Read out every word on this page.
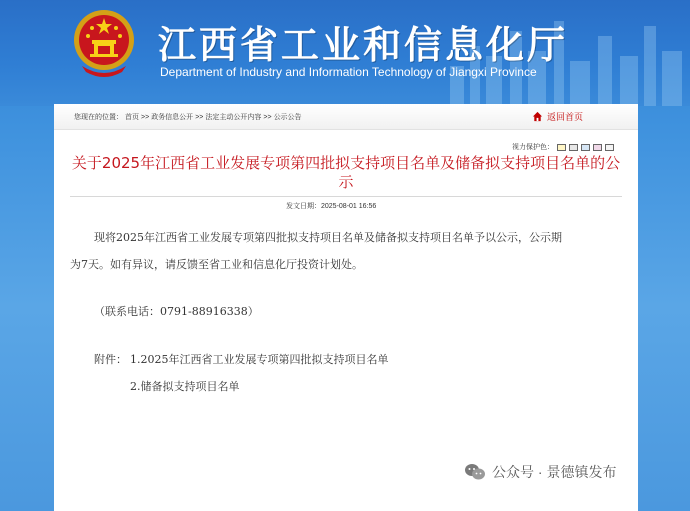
江西省工业和信息化厅
Department of Industry and Information Technology of Jiangxi Province
您现在的位置： 首页 >> 政务信息公开 >> 法定主动公开内容 >> 公示公告	返回首页
视力保护色：
关于2025年江西省工业发展专项第四批拟支持项目名单及储备拟支持项目名单的公示
发文日期：2025-08-01 16:56
现将2025年江西省工业发展专项第四批拟支持项目名单及储备拟支持项目名单予以公示，公示期
为7天。如有异议，请反馈至省工业和信息化厅投资计划处。
（联系电话：0791-88916338）
附件： 1.2025年江西省工业发展专项第四批拟支持项目名单
2.储备拟支持项目名单
公众号 · 景德镇发布
